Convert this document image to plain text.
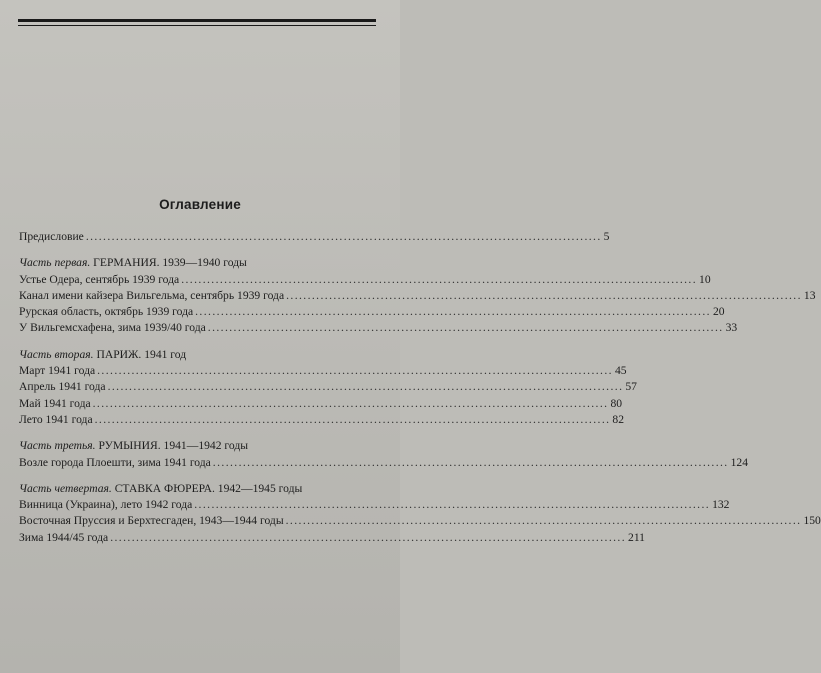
Оглавление
Предисловие ........................................................................................................................ 5
Часть первая. ГЕРМАНИЯ. 1939—1940 годы
Устье Одера, сентябрь 1939 года ........................................................................................................................ 10
Канал имени кайзера Вильгельма, сентябрь 1939 года ........................................................................................................................ 13
Рурская область, октябрь 1939 года ........................................................................................................................ 20
У Вильгемсхафена, зима 1939/40 года ........................................................................................................................ 33
Часть вторая. ПАРИЖ. 1941 год
Март 1941 года ........................................................................................................................ 45
Апрель 1941 года ........................................................................................................................ 57
Май 1941 года ........................................................................................................................ 80
Лето 1941 года ........................................................................................................................ 82
Часть третья. РУМЫНИЯ. 1941—1942 годы
Возле города Плоешти, зима 1941 года ........................................................................................................................ 124
Часть четвертая. СТАВКА ФЮРЕРА. 1942—1945 годы
Винница (Украина), лето 1942 года ........................................................................................................................ 132
Восточная Пруссия и Берхтесгаден, 1943—1944 годы ........................................................................................................................ 150
Зима 1944/45 года ........................................................................................................................ 211
